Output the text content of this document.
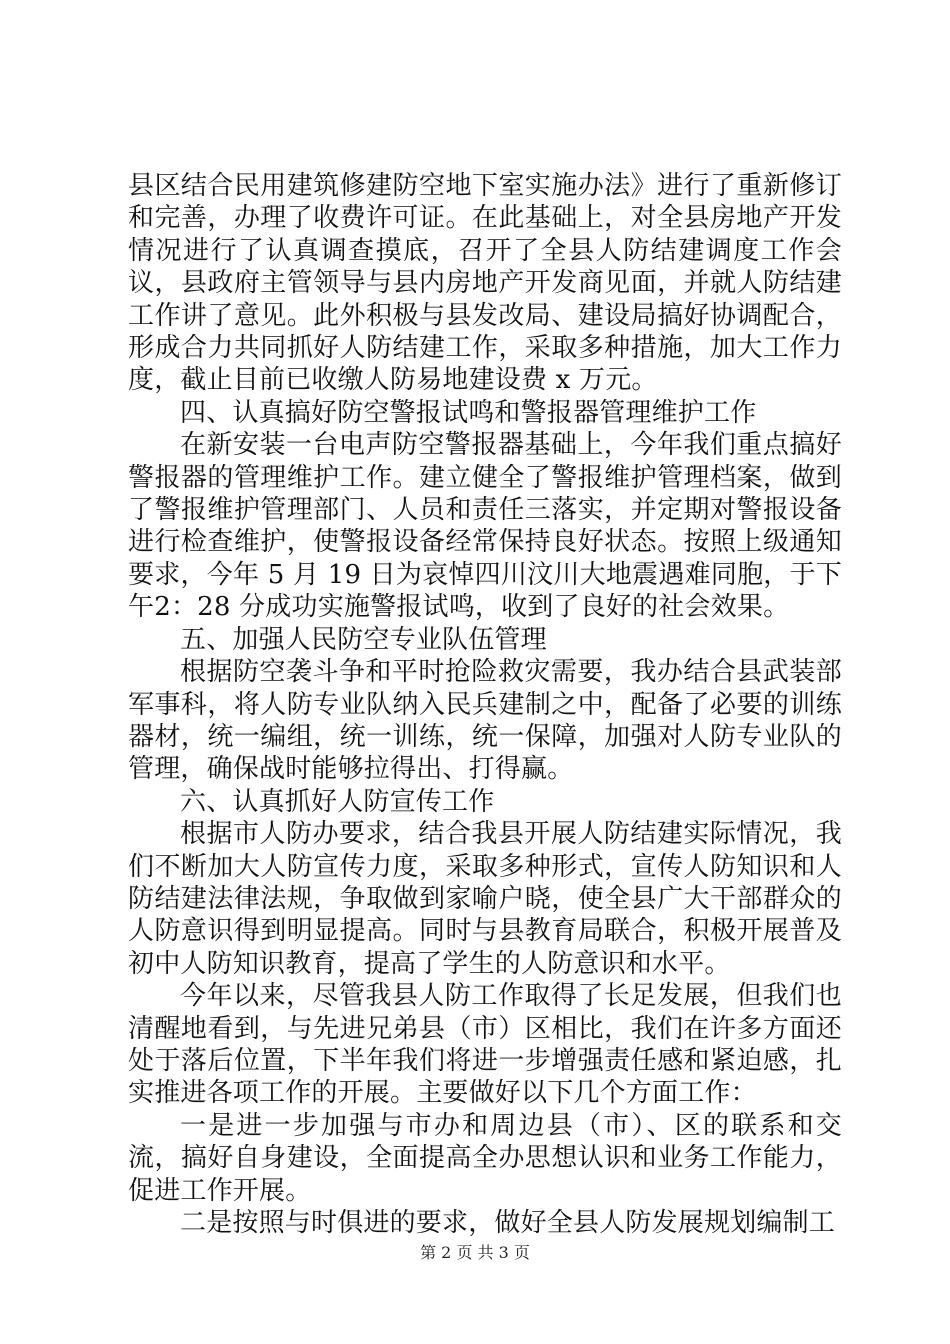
县区结合民用建筑修建防空地下室实施办法》进行了重新修订和完善，办理了收费许可证。在此基础上，对全县房地产开发情况进行了认真调查摸底，召开了全县人防结建调度工作会议，县政府主管领导与县内房地产开发商见面，并就人防结建工作讲了意见。此外积极与县发改局、建设局搞好协调配合，形成合力共同抓好人防结建工作，采取多种措施，加大工作力度，截止目前已收缴人防易地建设费 x 万元。

四、认真搞好防空警报试鸣和警报器管理维护工作

在新安装一台电声防空警报器基础上，今年我们重点搞好警报器的管理维护工作。建立健全了警报维护管理档案，做到了警报维护管理部门、人员和责任三落实，并定期对警报设备进行检查维护，使警报设备经常保持良好状态。按照上级通知要求，今年 5 月 19 日为哀悼四川汶川大地震遇难同胞，于下午2：28 分成功实施警报试鸣，收到了良好的社会效果。

五、加强人民防空专业队伍管理

根据防空袭斗争和平时抢险救灾需要，我办结合县武装部军事科，将人防专业队纳入民兵建制之中，配备了必要的训练器材，统一编组，统一训练，统一保障，加强对人防专业队的管理，确保战时能够拉得出、打得赢。

六、认真抓好人防宣传工作

根据市人防办要求，结合我县开展人防结建实际情况，我们不断加大人防宣传力度，采取多种形式，宣传人防知识和人防结建法律法规，争取做到家喻户晓，使全县广大干部群众的人防意识得到明显提高。同时与县教育局联合，积极开展普及初中人防知识教育，提高了学生的人防意识和水平。

今年以来，尽管我县人防工作取得了长足发展，但我们也清醒地看到，与先进兄弟县（市）区相比，我们在许多方面还处于落后位置，下半年我们将进一步增强责任感和紧迫感，扎实推进各项工作的开展。主要做好以下几个方面工作：

一是进一步加强与市办和周边县（市）、区的联系和交流，搞好自身建设，全面提高全办思想认识和业务工作能力，促进工作开展。

二是按照与时俱进的要求，做好全县人防发展规划编制工

第 2 页 共 3 页
